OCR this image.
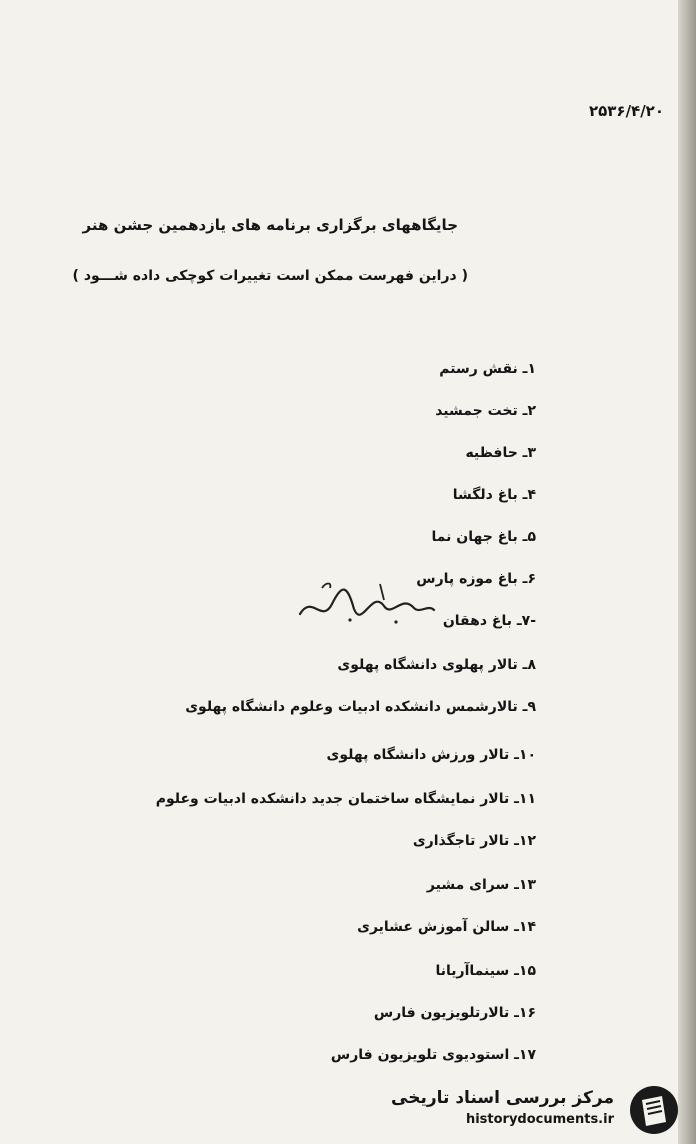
۲۵۳۶/۴/۲۰
جایگاههای برگزاری برنامه های یازدهمین جشن هنر
( دراین فهرست ممکن است تغییرات کوچکی داده شـــود )
۱ـ نقش رستم
۲ـ تخت جمشید
۳ـ حافظیه
۴ـ باغ دلگشا
۵ـ باغ جهان نما
۶ـ باغ موزه پارس
-۷ـ باغ دهقان
۸ـ تالار پهلوی دانشگاه پهلوی
۹ـ تالارشمس دانشکده ادبیات وعلوم دانشگاه پهلوی
۱۰ـ تالار ورزش دانشگاه پهلوی
۱۱ـ تالار نمایشگاه ساختمان جدید دانشکده ادبیات وعلوم
۱۲ـ تالار تاجگذاری
۱۳ـ سرای مشیر
۱۴ـ سالن آموزش عشایری
۱۵ـ سینماآریانا
۱۶ـ تالارتلویزیون فارس
۱۷ـ استودیوی تلویزیون فارس
مرکز بررسی اسناد تاریخی
historydocuments.ir
